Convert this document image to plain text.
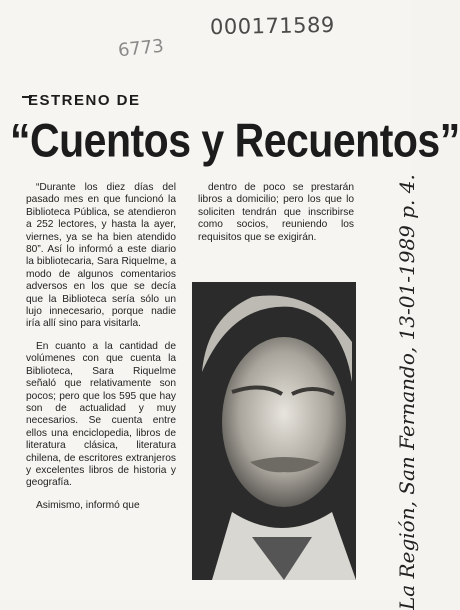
000171589
6773
La Región, San Fernando, 13-01-1989 p. 4.
ESTRENO DE
“Cuentos y Recuentos”

“Durante los diez días del pasado mes en que funcionó la Biblioteca Pública, se atendieron a 252 lectores, y hasta la ayer, viernes, ya se ha bien atendido 80”. Así lo informó a este diario la bibliotecaria, Sara Riquelme, a modo de algunos comentarios adversos en los que se decía que la Biblioteca sería sólo un lujo innecesario, porque nadie iría allí sino para visitarla.

En cuanto a la cantidad de volúmenes con que cuenta la Biblioteca, Sara Riquelme señaló que relativamente son pocos; pero que los 595 que hay son de actualidad y muy necesarios. Se cuenta entre ellos una enciclopedia, libros de literatura clásica, literatura chilena, de escritores extranjeros y excelentes libros de historia y geografía.

Asimismo, informó que

dentro de poco se prestarán libros a domicilio; pero los que lo soliciten tendrán que inscribirse como socios, reuniendo los requisitos que se exigirán.
